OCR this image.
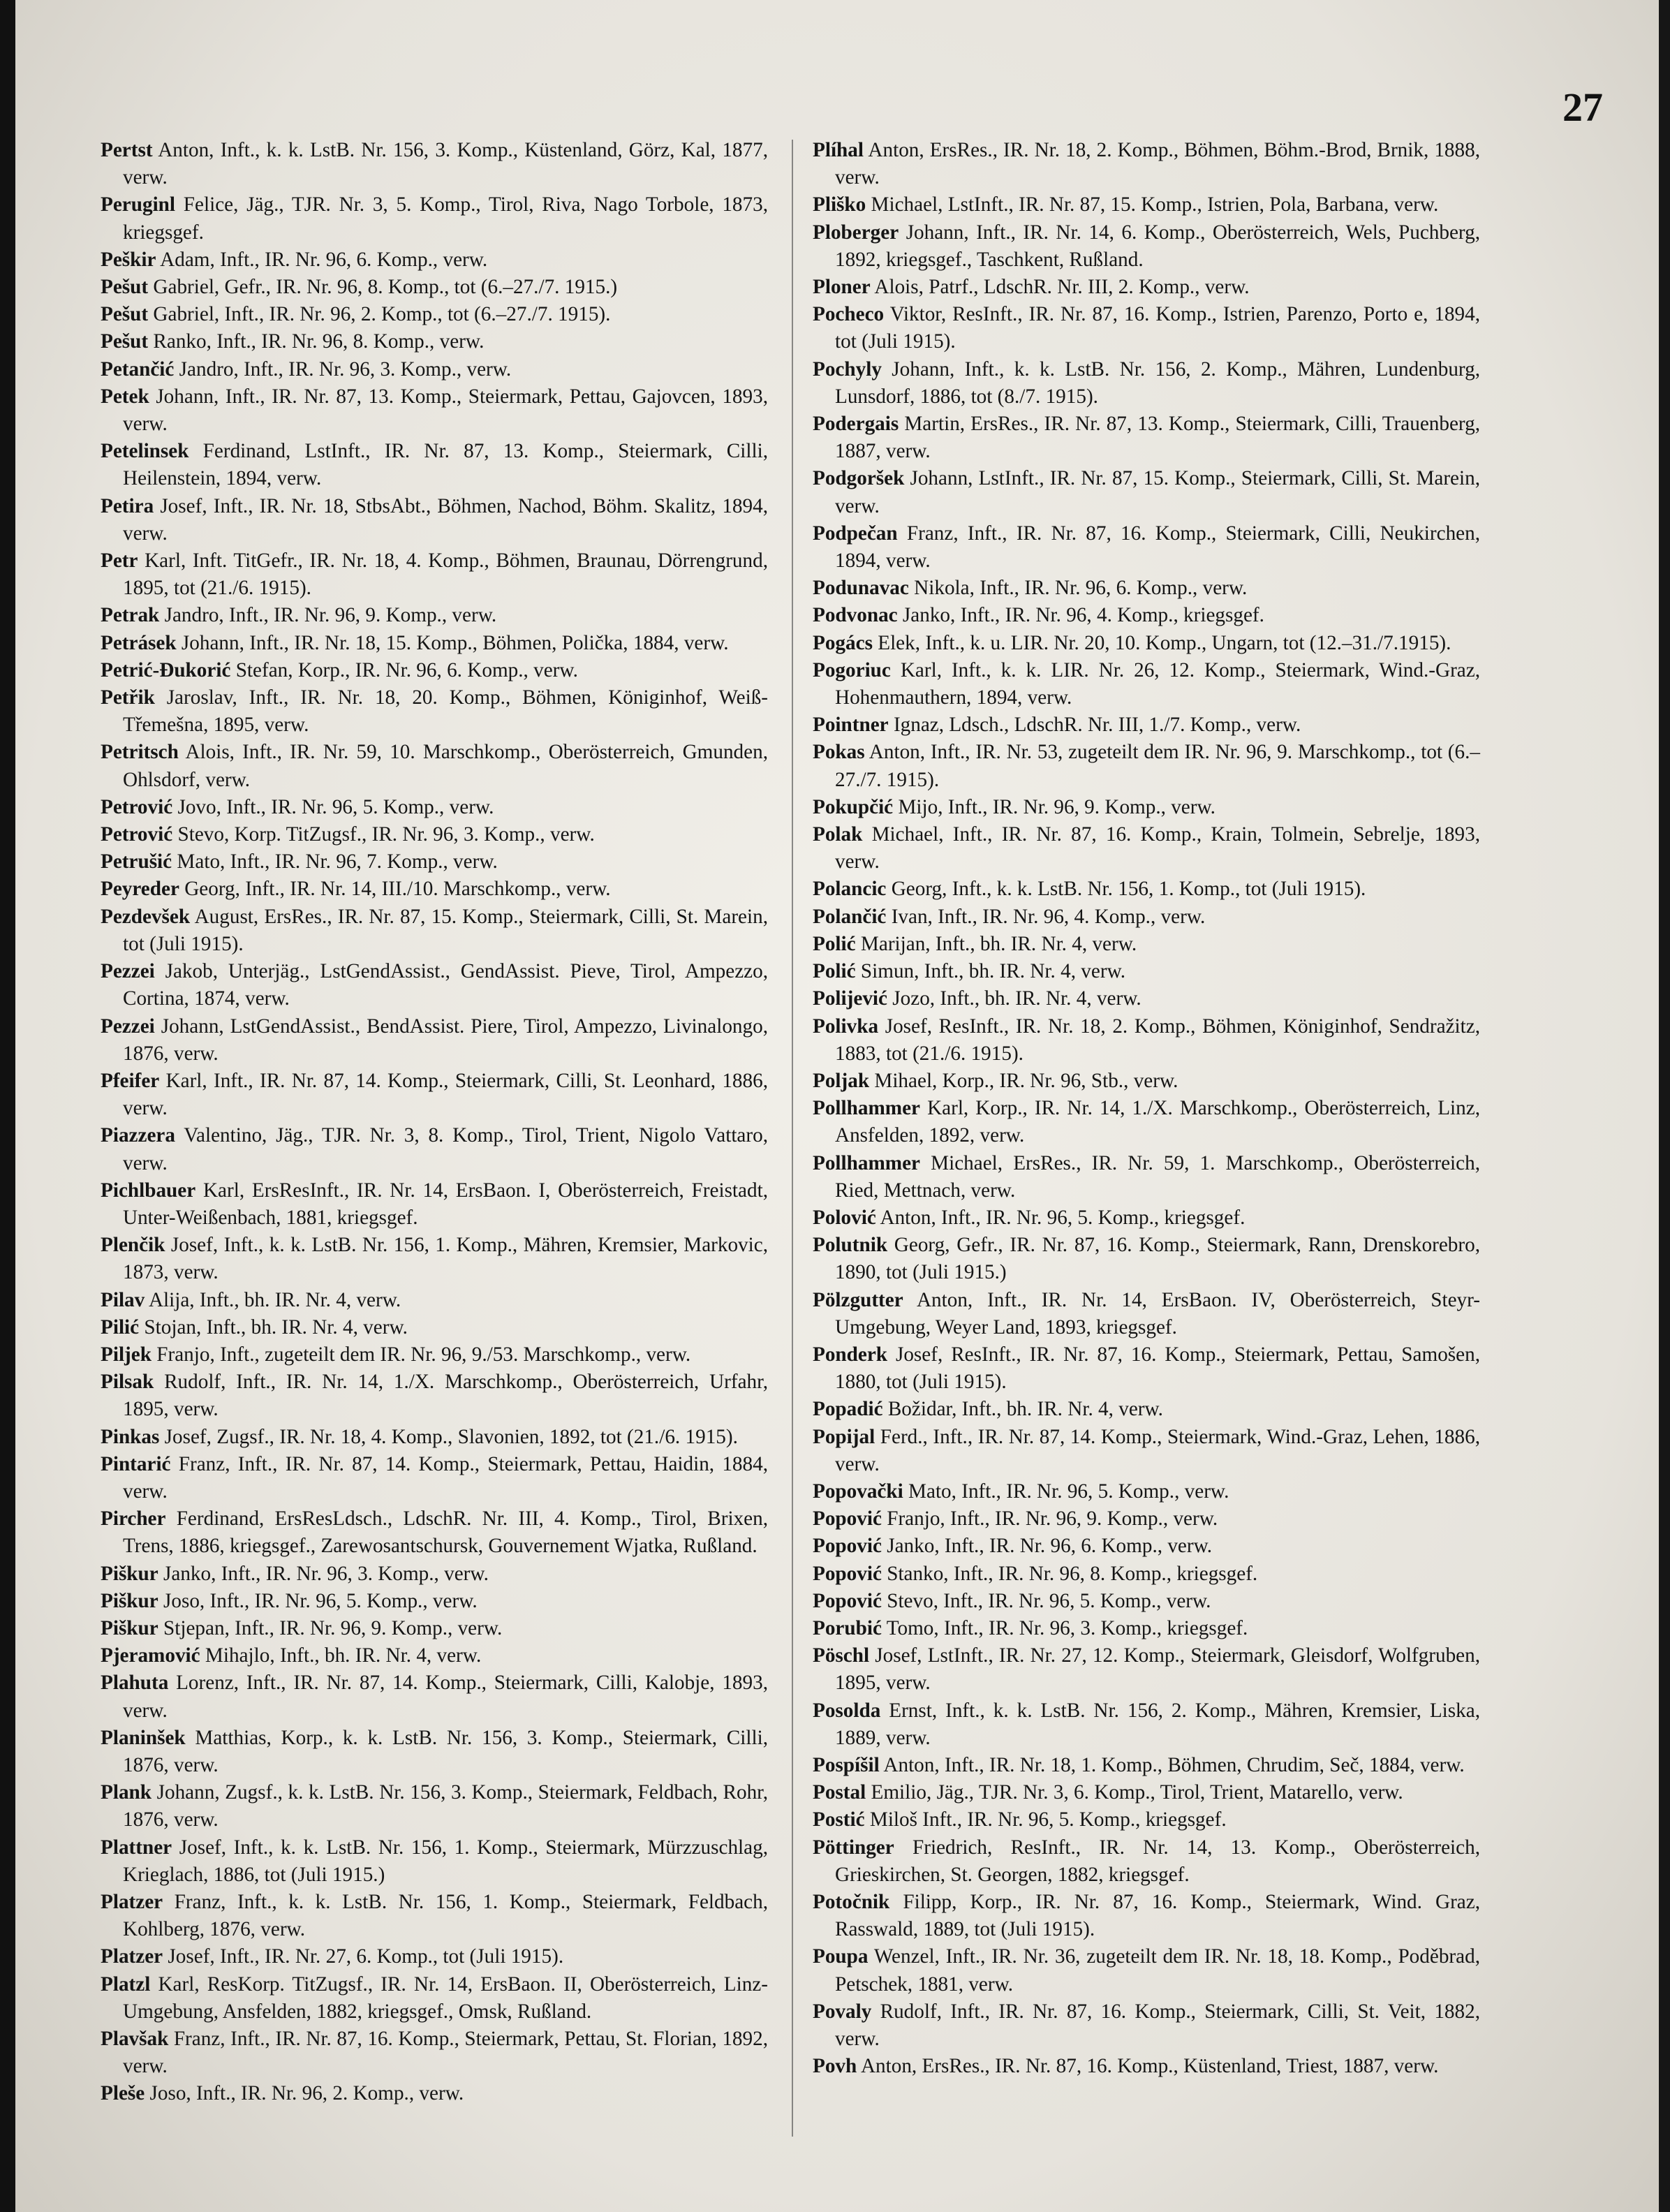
27
Pertst Anton, Inft., k. k. LstB. Nr. 156, 3. Komp., Küstenland, Görz, Kal, 1877, verw.
Peruginl Felice, Jäg., TJR. Nr. 3, 5. Komp., Tirol, Riva, Nago Torbole, 1873, kriegsgef.
Peškir Adam, Inft., IR. Nr. 96, 6. Komp., verw.
Pešut Gabriel, Gefr., IR. Nr. 96, 8. Komp., tot (6.–27./7. 1915.)
Pešut Gabriel, Inft., IR. Nr. 96, 2. Komp., tot (6.–27./7. 1915).
Pešut Ranko, Inft., IR. Nr. 96, 8. Komp., verw.
Petančić Jandro, Inft., IR. Nr. 96, 3. Komp., verw.
Petek Johann, Inft., IR. Nr. 87, 13. Komp., Steiermark, Pettau, Gajovcen, 1893, verw.
Petelinsek Ferdinand, LstInft., IR. Nr. 87, 13. Komp., Steiermark, Cilli, Heilenstein, 1894, verw.
Petira Josef, Inft., IR. Nr. 18, StbsAbt., Böhmen, Nachod, Böhm. Skalitz, 1894, verw.
Petr Karl, Inft. TitGefr., IR. Nr. 18, 4. Komp., Böhmen, Braunau, Dörrengrund, 1895, tot (21./6. 1915).
Petrak Jandro, Inft., IR. Nr. 96, 9. Komp., verw.
Petrásek Johann, Inft., IR. Nr. 18, 15. Komp., Böhmen, Polička, 1884, verw.
Petrić-Đukorić Stefan, Korp., IR. Nr. 96, 6. Komp., verw.
Petřik Jaroslav, Inft., IR. Nr. 18, 20. Komp., Böhmen, Königinhof, Weiß-Třemešna, 1895, verw.
Petritsch Alois, Inft., IR. Nr. 59, 10. Marschkomp., Oberösterreich, Gmunden, Ohlsdorf, verw.
Petrović Jovo, Inft., IR. Nr. 96, 5. Komp., verw.
Petrović Stevo, Korp. TitZugsf., IR. Nr. 96, 3. Komp., verw.
Petrušić Mato, Inft., IR. Nr. 96, 7. Komp., verw.
Peyreder Georg, Inft., IR. Nr. 14, III./10. Marschkomp., verw.
Pezdevšek August, ErsRes., IR. Nr. 87, 15. Komp., Steiermark, Cilli, St. Marein, tot (Juli 1915).
Pezzei Jakob, Unterjäg., LstGendAssist., GendAssist. Pieve, Tirol, Ampezzo, Cortina, 1874, verw.
Pezzei Johann, LstGendAssist., BendAssist. Piere, Tirol, Ampezzo, Livinalongo, 1876, verw.
Pfeifer Karl, Inft., IR. Nr. 87, 14. Komp., Steiermark, Cilli, St. Leonhard, 1886, verw.
Piazzera Valentino, Jäg., TJR. Nr. 3, 8. Komp., Tirol, Trient, Nigolo Vattaro, verw.
Pichlbauer Karl, ErsResInft., IR. Nr. 14, ErsBaon. I, Oberösterreich, Freistadt, Unter-Weißenbach, 1881, kriegsgef.
Plenčik Josef, Inft., k. k. LstB. Nr. 156, 1. Komp., Mähren, Kremsier, Markovic, 1873, verw.
Pilav Alija, Inft., bh. IR. Nr. 4, verw.
Pilić Stojan, Inft., bh. IR. Nr. 4, verw.
Piljek Franjo, Inft., zugeteilt dem IR. Nr. 96, 9./53. Marschkomp., verw.
Pilsak Rudolf, Inft., IR. Nr. 14, 1./X. Marschkomp., Oberösterreich, Urfahr, 1895, verw.
Pinkas Josef, Zugsf., IR. Nr. 18, 4. Komp., Slavonien, 1892, tot (21./6. 1915).
Pintarić Franz, Inft., IR. Nr. 87, 14. Komp., Steiermark, Pettau, Haidin, 1884, verw.
Pircher Ferdinand, ErsResLdsch., LdschR. Nr. III, 4. Komp., Tirol, Brixen, Trens, 1886, kriegsgef., Zarewosantschursk, Gouvernement Wjatka, Rußland.
Piškur Janko, Inft., IR. Nr. 96, 3. Komp., verw.
Piškur Joso, Inft., IR. Nr. 96, 5. Komp., verw.
Piškur Stjepan, Inft., IR. Nr. 96, 9. Komp., verw.
Pjeramović Mihajlo, Inft., bh. IR. Nr. 4, verw.
Plahuta Lorenz, Inft., IR. Nr. 87, 14. Komp., Steiermark, Cilli, Kalobje, 1893, verw.
Planinšek Matthias, Korp., k. k. LstB. Nr. 156, 3. Komp., Steiermark, Cilli, 1876, verw.
Plank Johann, Zugsf., k. k. LstB. Nr. 156, 3. Komp., Steiermark, Feldbach, Rohr, 1876, verw.
Plattner Josef, Inft., k. k. LstB. Nr. 156, 1. Komp., Steiermark, Mürzzuschlag, Krieglach, 1886, tot (Juli 1915.)
Platzer Franz, Inft., k. k. LstB. Nr. 156, 1. Komp., Steiermark, Feldbach, Kohlberg, 1876, verw.
Platzer Josef, Inft., IR. Nr. 27, 6. Komp., tot (Juli 1915).
Platzl Karl, ResKorp. TitZugsf., IR. Nr. 14, ErsBaon. II, Oberösterreich, Linz-Umgebung, Ansfelden, 1882, kriegsgef., Omsk, Rußland.
Plavšak Franz, Inft., IR. Nr. 87, 16. Komp., Steiermark, Pettau, St. Florian, 1892, verw.
Pleše Joso, Inft., IR. Nr. 96, 2. Komp., verw.
Plíhal Anton, ErsRes., IR. Nr. 18, 2. Komp., Böhmen, Böhm.-Brod, Brnik, 1888, verw.
Pliško Michael, LstInft., IR. Nr. 87, 15. Komp., Istrien, Pola, Barbana, verw.
Ploberger Johann, Inft., IR. Nr. 14, 6. Komp., Oberösterreich, Wels, Puchberg, 1892, kriegsgef., Taschkent, Rußland.
Ploner Alois, Patrf., LdschR. Nr. III, 2. Komp., verw.
Pocheco Viktor, ResInft., IR. Nr. 87, 16. Komp., Istrien, Parenzo, Porto e, 1894, tot (Juli 1915).
Pochyly Johann, Inft., k. k. LstB. Nr. 156, 2. Komp., Mähren, Lundenburg, Lunsdorf, 1886, tot (8./7. 1915).
Podergais Martin, ErsRes., IR. Nr. 87, 13. Komp., Steiermark, Cilli, Trauenberg, 1887, verw.
Podgoršek Johann, LstInft., IR. Nr. 87, 15. Komp., Steiermark, Cilli, St. Marein, verw.
Podpečan Franz, Inft., IR. Nr. 87, 16. Komp., Steiermark, Cilli, Neukirchen, 1894, verw.
Podunavac Nikola, Inft., IR. Nr. 96, 6. Komp., verw.
Podvonac Janko, Inft., IR. Nr. 96, 4. Komp., kriegsgef.
Pogács Elek, Inft., k. u. LIR. Nr. 20, 10. Komp., Ungarn, tot (12.–31./7.1915).
Pogoriuc Karl, Inft., k. k. LIR. Nr. 26, 12. Komp., Steiermark, Wind.-Graz, Hohenmauthern, 1894, verw.
Pointner Ignaz, Ldsch., LdschR. Nr. III, 1./7. Komp., verw.
Pokas Anton, Inft., IR. Nr. 53, zugeteilt dem IR. Nr. 96, 9. Marschkomp., tot (6.–27./7. 1915).
Pokupčić Mijo, Inft., IR. Nr. 96, 9. Komp., verw.
Polak Michael, Inft., IR. Nr. 87, 16. Komp., Krain, Tolmein, Sebrelje, 1893, verw.
Polancic Georg, Inft., k. k. LstB. Nr. 156, 1. Komp., tot (Juli 1915).
Polančić Ivan, Inft., IR. Nr. 96, 4. Komp., verw.
Polić Marijan, Inft., bh. IR. Nr. 4, verw.
Polić Simun, Inft., bh. IR. Nr. 4, verw.
Polijević Jozo, Inft., bh. IR. Nr. 4, verw.
Polivka Josef, ResInft., IR. Nr. 18, 2. Komp., Böhmen, Königinhof, Sendražitz, 1883, tot (21./6. 1915).
Poljak Mihael, Korp., IR. Nr. 96, Stb., verw.
Pollhammer Karl, Korp., IR. Nr. 14, 1./X. Marschkomp., Oberösterreich, Linz, Ansfelden, 1892, verw.
Pollhammer Michael, ErsRes., IR. Nr. 59, 1. Marschkomp., Oberösterreich, Ried, Mettnach, verw.
Polović Anton, Inft., IR. Nr. 96, 5. Komp., kriegsgef.
Polutnik Georg, Gefr., IR. Nr. 87, 16. Komp., Steiermark, Rann, Drenskorebro, 1890, tot (Juli 1915.)
Pölzgutter Anton, Inft., IR. Nr. 14, ErsBaon. IV, Oberösterreich, Steyr-Umgebung, Weyer Land, 1893, kriegsgef.
Ponderk Josef, ResInft., IR. Nr. 87, 16. Komp., Steiermark, Pettau, Samošen, 1880, tot (Juli 1915).
Popadić Božidar, Inft., bh. IR. Nr. 4, verw.
Popijal Ferd., Inft., IR. Nr. 87, 14. Komp., Steiermark, Wind.-Graz, Lehen, 1886, verw.
Popovački Mato, Inft., IR. Nr. 96, 5. Komp., verw.
Popović Franjo, Inft., IR. Nr. 96, 9. Komp., verw.
Popović Janko, Inft., IR. Nr. 96, 6. Komp., verw.
Popović Stanko, Inft., IR. Nr. 96, 8. Komp., kriegsgef.
Popović Stevo, Inft., IR. Nr. 96, 5. Komp., verw.
Porubić Tomo, Inft., IR. Nr. 96, 3. Komp., kriegsgef.
Pöschl Josef, LstInft., IR. Nr. 27, 12. Komp., Steiermark, Gleisdorf, Wolfgruben, 1895, verw.
Posolda Ernst, Inft., k. k. LstB. Nr. 156, 2. Komp., Mähren, Kremsier, Liska, 1889, verw.
Pospíšil Anton, Inft., IR. Nr. 18, 1. Komp., Böhmen, Chrudim, Seč, 1884, verw.
Postal Emilio, Jäg., TJR. Nr. 3, 6. Komp., Tirol, Trient, Matarello, verw.
Postić Miloš Inft., IR. Nr. 96, 5. Komp., kriegsgef.
Pöttinger Friedrich, ResInft., IR. Nr. 14, 13. Komp., Oberösterreich, Grieskirchen, St. Georgen, 1882, kriegsgef.
Potočnik Filipp, Korp., IR. Nr. 87, 16. Komp., Steiermark, Wind. Graz, Rasswald, 1889, tot (Juli 1915).
Poupa Wenzel, Inft., IR. Nr. 36, zugeteilt dem IR. Nr. 18, 18. Komp., Poděbrad, Petschek, 1881, verw.
Povaly Rudolf, Inft., IR. Nr. 87, 16. Komp., Steiermark, Cilli, St. Veit, 1882, verw.
Povh Anton, ErsRes., IR. Nr. 87, 16. Komp., Küstenland, Triest, 1887, verw.
